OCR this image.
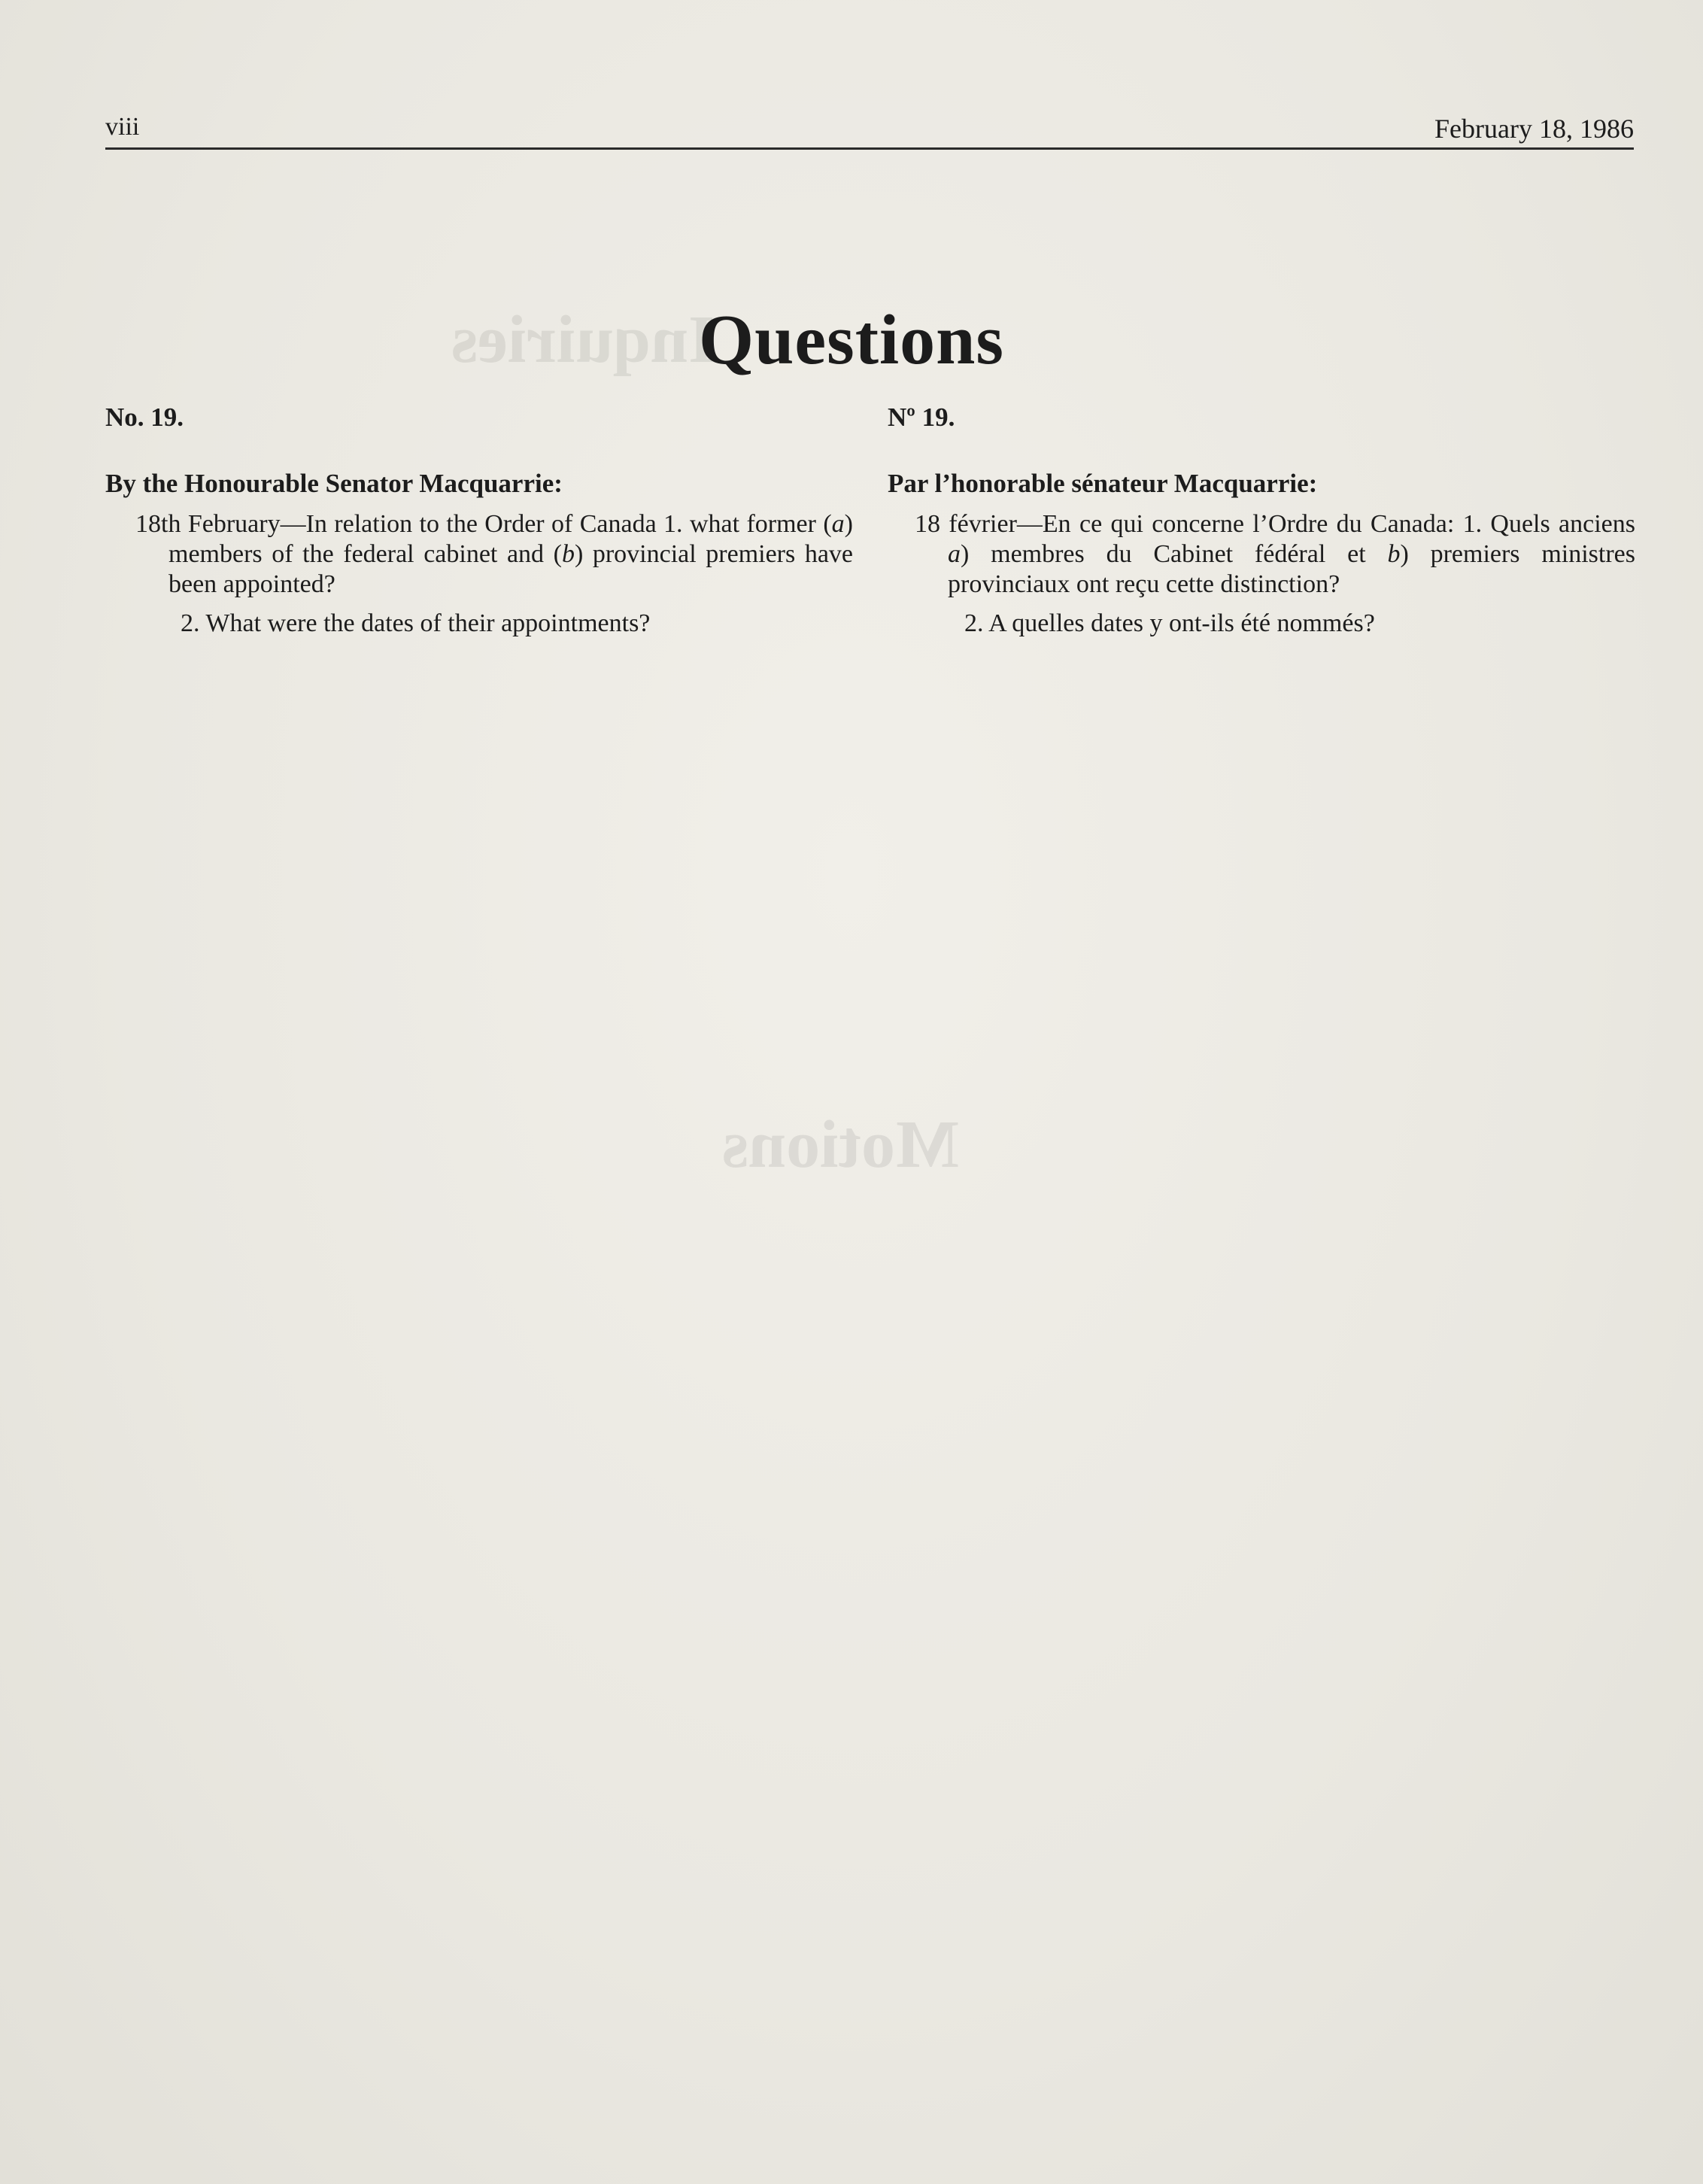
Inquiries
Motions
viii	February 18, 1986
Questions
No. 19.
By the Honourable Senator Macquarrie:
18th February—In relation to the Order of Canada 1. what former (a) members of the federal cabinet and (b) provincial premiers have been appointed?
2. What were the dates of their appointments?
Nº 19.
Par l’honorable sénateur Macquarrie:
18 février—En ce qui concerne l’Ordre du Canada: 1. Quels anciens a) membres du Cabinet fédéral et b) premiers ministres provinciaux ont reçu cette distinction?
2. A quelles dates y ont-ils été nommés?
